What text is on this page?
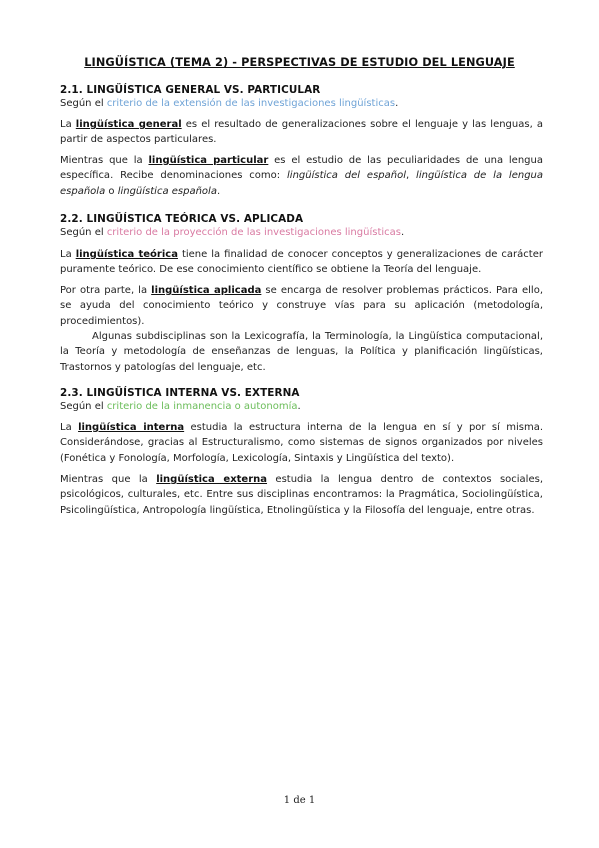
LINGÜÍSTICA (TEMA 2) - PERSPECTIVAS DE ESTUDIO DEL LENGUAJE
2.1. LINGÜÍSTICA GENERAL VS. PARTICULAR
Según el criterio de la extensión de las investigaciones lingüísticas.

La lingüística general es el resultado de generalizaciones sobre el lenguaje y las lenguas, a partir de aspectos particulares.

Mientras que la lingüística particular es el estudio de las peculiaridades de una lengua específica. Recibe denominaciones como: lingüística del español, lingüística de la lengua española o lingüística española.

2.2. LINGÜÍSTICA TEÓRICA VS. APLICADA
Según el criterio de la proyección de las investigaciones lingüísticas.

La lingüística teórica tiene la finalidad de conocer conceptos y generalizaciones de carácter puramente teórico. De ese conocimiento científico se obtiene la Teoría del lenguaje.

Por otra parte, la lingüística aplicada se encarga de resolver problemas prácticos. Para ello, se ayuda del conocimiento teórico y construye vías para su aplicación (metodología, procedimientos).

Algunas subdisciplinas son la Lexicografía, la Terminología, la Lingüística computacional, la Teoría y metodología de enseñanzas de lenguas, la Política y planificación lingüísticas, Trastornos y patologías del lenguaje, etc.

2.3. LINGÜÍSTICA INTERNA VS. EXTERNA
Según el criterio de la inmanencia o autonomía.

La lingüística interna estudia la estructura interna de la lengua en sí y por sí misma. Considerándose, gracias al Estructuralismo, como sistemas de signos organizados por niveles (Fonética y Fonología, Morfología, Lexicología, Sintaxis y Lingüística del texto).

Mientras que la lingüística externa estudia la lengua dentro de contextos sociales, psicológicos, culturales, etc. Entre sus disciplinas encontramos: la Pragmática, Sociolingüística, Psicolingüística, Antropología lingüística, Etnolingüística y la Filosofía del lenguaje, entre otras.

1 de 1
